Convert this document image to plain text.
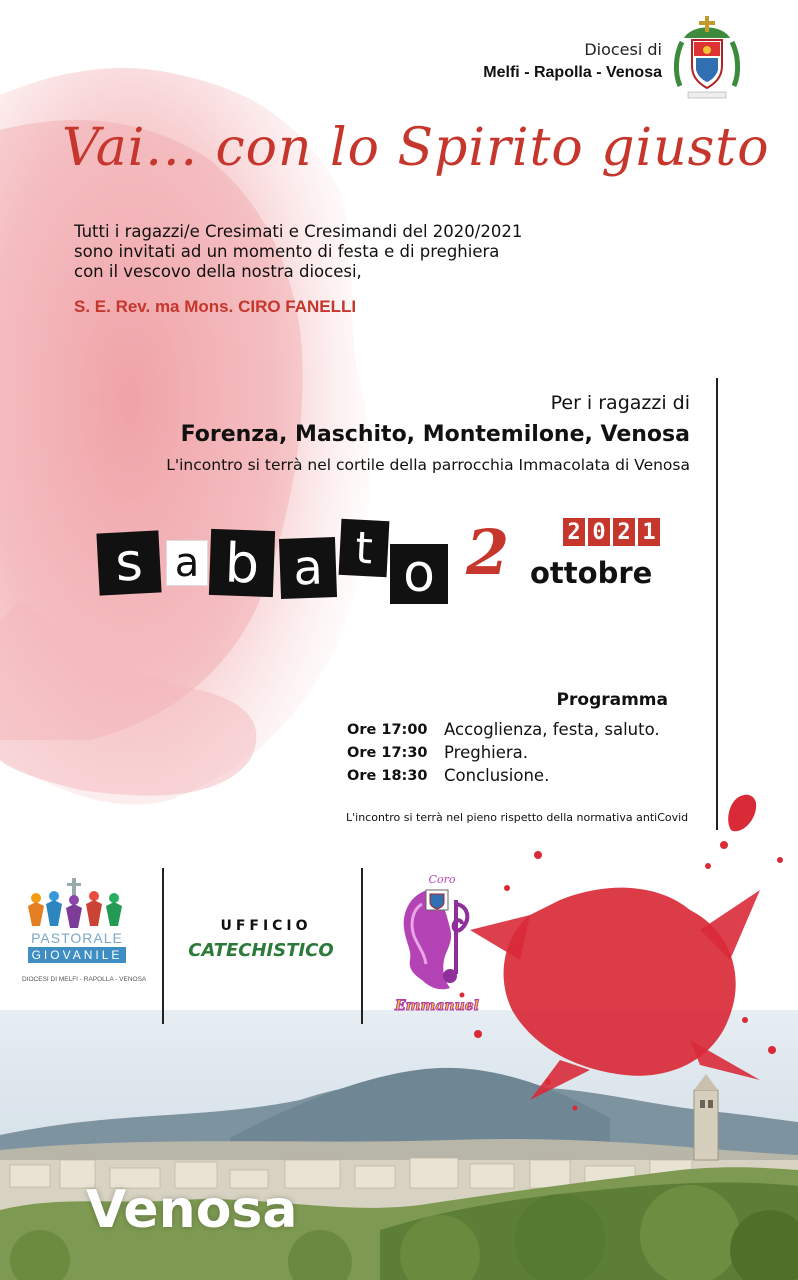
Diocesi di
Melfi - Rapolla - Venosa
Vai... con lo Spirito giusto
Tutti i ragazzi/e Cresimati e Cresimandi del 2020/2021
sono invitati ad un momento di festa e di preghiera
con il vescovo della nostra diocesi,
S. E. Rev. ma Mons. CIRO FANELLI
Per i ragazzi di
Forenza, Maschito, Montemilone, Venosa
L'incontro si terrà nel cortile della parrocchia Immacolata di Venosa
s a b a t o 2	2 0 2 1
ottobre
Programma
Ore 17:00 Accoglienza, festa, saluto.
Ore 17:30 Preghiera.
Ore 18:30 Conclusione.
L'incontro si terrà nel pieno rispetto della normativa antiCovid
PASTORALE
GIOVANILE
DIOCESI DI MELFI - RAPOLLA - VENOSA
UFFICIO
CATECHISTICO
Coro
Emmanuel
Venosa
